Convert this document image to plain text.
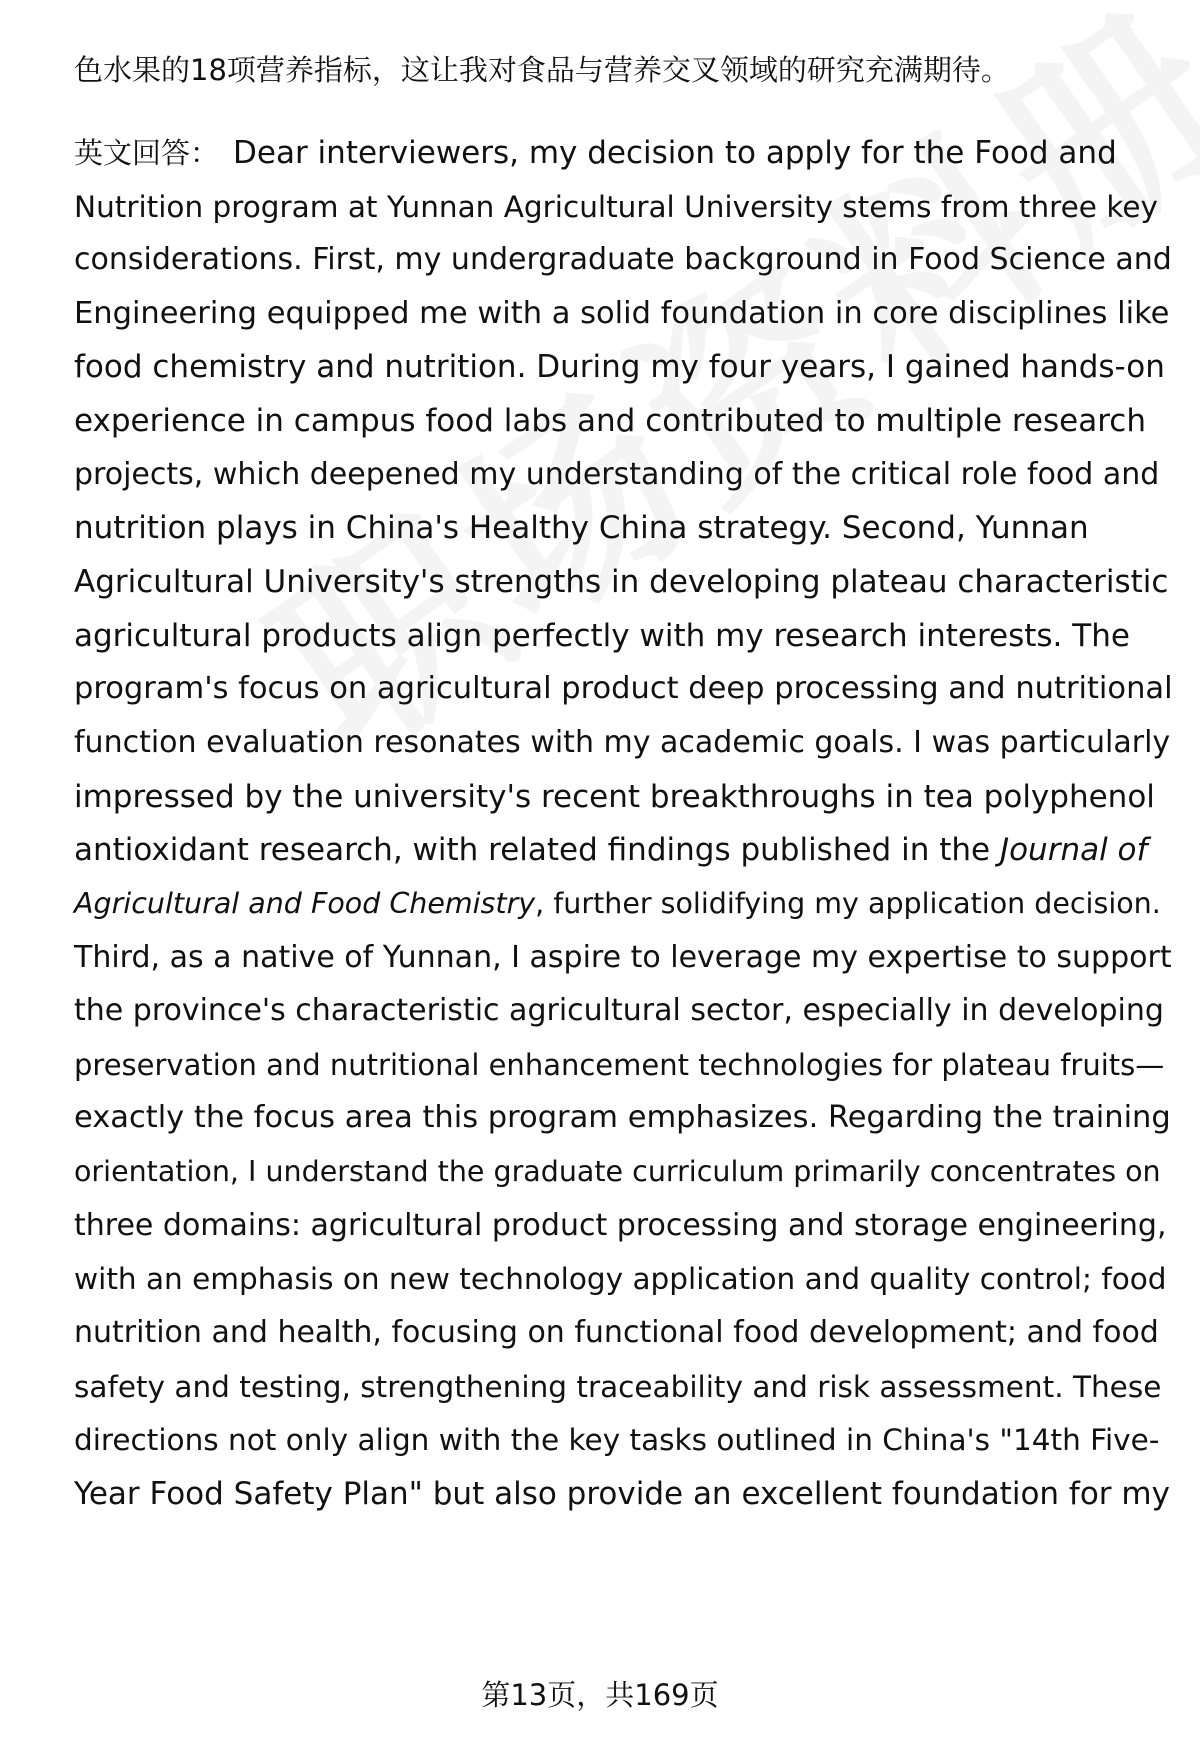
色水果的18项营养指标，这让我对食品与营养交叉领域的研究充满期待。
英文回答： Dear interviewers, my decision to apply for the Food and
Nutrition program at Yunnan Agricultural University stems from three key
considerations. First, my undergraduate background in Food Science and
Engineering equipped me with a solid foundation in core disciplines like
food chemistry and nutrition. During my four years, I gained hands-on
experience in campus food labs and contributed to multiple research
projects, which deepened my understanding of the critical role food and
nutrition plays in China's Healthy China strategy. Second, Yunnan
Agricultural University's strengths in developing plateau characteristic
agricultural products align perfectly with my research interests. The
program's focus on agricultural product deep processing and nutritional
function evaluation resonates with my academic goals. I was particularly
impressed by the university's recent breakthroughs in tea polyphenol
antioxidant research, with related findings published in the Journal of
Agricultural and Food Chemistry, further solidifying my application decision.
Third, as a native of Yunnan, I aspire to leverage my expertise to support
the province's characteristic agricultural sector, especially in developing
preservation and nutritional enhancement technologies for plateau fruits—
exactly the focus area this program emphasizes. Regarding the training
orientation, I understand the graduate curriculum primarily concentrates on
three domains: agricultural product processing and storage engineering,
with an emphasis on new technology application and quality control; food
nutrition and health, focusing on functional food development; and food
safety and testing, strengthening traceability and risk assessment. These
directions not only align with the key tasks outlined in China's "14th Five-
Year Food Safety Plan" but also provide an excellent foundation for my
第13页，共169页
